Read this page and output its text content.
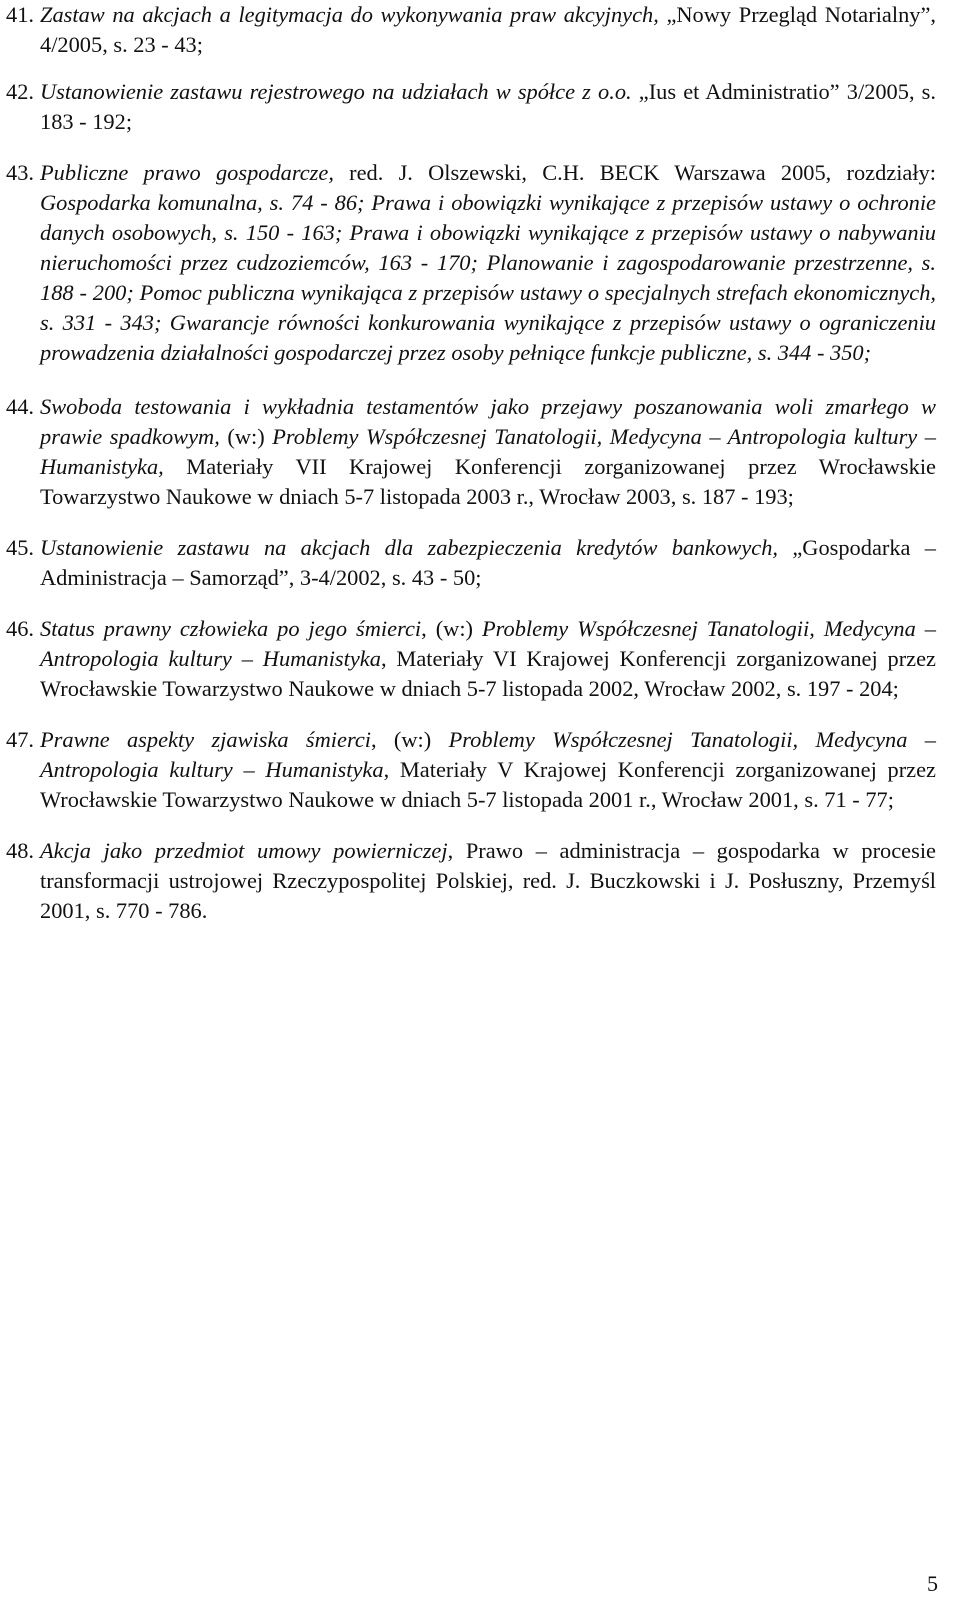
41. Zastaw na akcjach a legitymacja do wykonywania praw akcyjnych, „Nowy Przegląd Notarialny”, 4/2005, s. 23 - 43;
42. Ustanowienie zastawu rejestrowego na udziałach w spółce z o.o. „Ius et Administratio” 3/2005, s. 183 - 192;
43. Publiczne prawo gospodarcze, red. J. Olszewski, C.H. BECK Warszawa 2005, rozdziały: Gospodarka komunalna, s. 74 - 86; Prawa i obowiązki wynikające z przepisów ustawy o ochronie danych osobowych, s. 150 - 163; Prawa i obowiązki wynikające z przepisów ustawy o nabywaniu nieruchomości przez cudzoziemców, 163 - 170; Planowanie i zagospodarowanie przestrzenne, s. 188 - 200; Pomoc publiczna wynikająca z przepisów ustawy o specjalnych strefach ekonomicznych, s. 331 - 343; Gwarancje równości konkurowania wynikające z przepisów ustawy o ograniczeniu prowadzenia działalności gospodarczej przez osoby pełniące funkcje publiczne, s. 344 - 350;
44. Swoboda testowania i wykładnia testamentów jako przejawy poszanowania woli zmarłego w prawie spadkowym, (w:) Problemy Współczesnej Tanatologii, Medycyna – Antropologia kultury – Humanistyka, Materiały VII Krajowej Konferencji zorganizowanej przez Wrocławskie Towarzystwo Naukowe w dniach 5-7 listopada 2003 r., Wrocław 2003, s. 187 - 193;
45. Ustanowienie zastawu na akcjach dla zabezpieczenia kredytów bankowych, „Gospodarka – Administracja – Samorząd”, 3-4/2002, s. 43 - 50;
46. Status prawny człowieka po jego śmierci, (w:) Problemy Współczesnej Tanatologii, Medycyna – Antropologia kultury – Humanistyka, Materiały VI Krajowej Konferencji zorganizowanej przez Wrocławskie Towarzystwo Naukowe w dniach 5-7 listopada 2002, Wrocław 2002, s. 197 - 204;
47. Prawne aspekty zjawiska śmierci, (w:) Problemy Współczesnej Tanatologii, Medycyna – Antropologia kultury – Humanistyka, Materiały V Krajowej Konferencji zorganizowanej przez Wrocławskie Towarzystwo Naukowe w dniach 5-7 listopada 2001 r., Wrocław 2001, s. 71 - 77;
48. Akcja jako przedmiot umowy powierniczej, Prawo – administracja – gospodarka w procesie transformacji ustrojowej Rzeczypospolitej Polskiej, red. J. Buczkowski i J. Posłuszny, Przemyśl 2001, s. 770 - 786.
5
